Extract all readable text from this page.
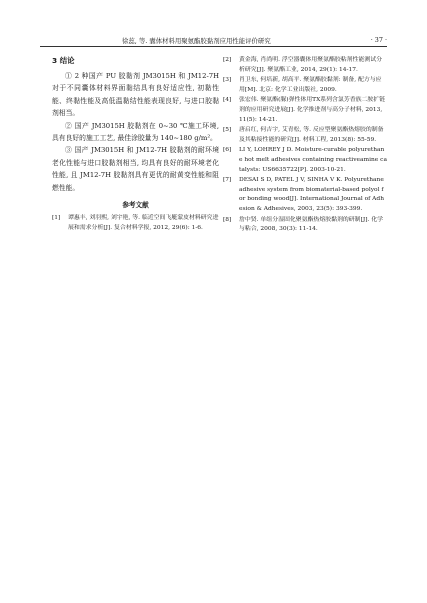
徐蕊, 等. 囊体材料用聚氨酯胶黏剂应用性能评价研究	· 37 ·
3 结论

① 2 种国产 PU 胶黏剂 JM3015H 和 JM12-7H 对于不同囊体材料界面黏结具有良好适应性, 初黏性能、终黏性能及高低温黏结性能表现良好, 与进口胶黏剂相当。

② 国产 JM3015H 胶黏剂在 0~30 ℃施工环境, 具有良好的施工工艺, 最佳涂胶量为 140~180 g/m²。

③ 国产 JM3015H 和 JM12-7H 胶黏剂的耐环境老化性能与进口胶黏剂相当, 均具有良好的耐环境老化性能, 且 JM12-7H 胶黏剂具有更优的耐黄变性能和阻燃性能。

参考文献
[1]	谭惠丰, 刘羽熙, 刘宇艳, 等. 临近空间飞艇蒙皮材料研究进展和需求分析[J]. 复合材料学报, 2012, 29(6): 1-6.
[2]	黄金海, 肖尚明. 浮空器囊体用聚氨酯胶粘剂性能测试分析研究[J]. 聚氨酯工业, 2014, 29(1): 14-17.
[3]	肖卫东, 何培新, 胡高平. 聚氨酯胶黏剂: 制备, 配方与应用[M]. 北京: 化学工业出版社, 2009.
[4]	张宏伟. 聚氨酯(脲)弹性体用TX系列含氯芳香族二胺扩链剂的应用研究进展[J]. 化学推进剂与高分子材料, 2013, 11(5): 14-21.
[5]	唐启红, 何吉宇, 艾青松, 等. 反应型聚氨酯热熔胶的制备及其粘接性能的研究[J]. 材料工程, 2013(8): 55-59.
[6]	LI Y, LOHREY J D. Moisture-curable polyurethane hot melt adhesives containing reactiveamine catalysts: US6635722[P]. 2003-10-21.
[7]	DESAI S D, PATEL J V, SINHA V K. Polyurethane adhesive system from biomaterial-based polyol for bonding wood[J]. International Journal of Adhesion & Adhesives, 2003, 23(5): 393-399.
[8]	詹中贤. 单组分湿固化聚氨酯热熔胶黏剂的研制[J]. 化学与粘合, 2008, 30(3): 11-14.
